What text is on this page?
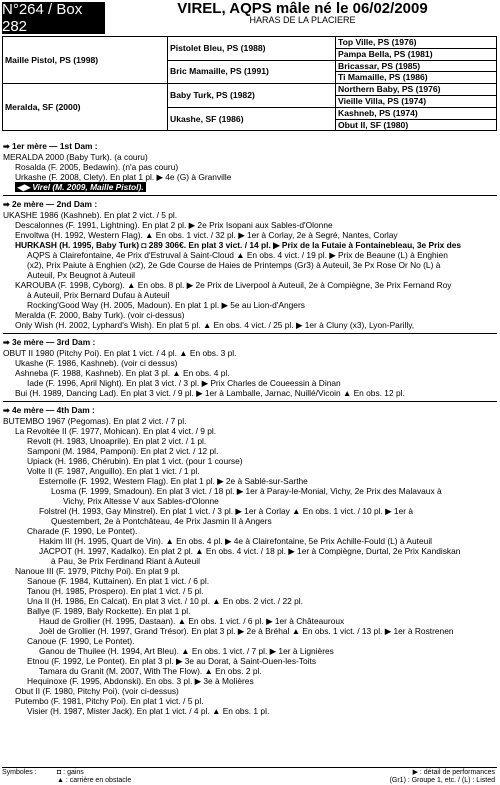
N°264 / Box 282
VIREL, AQPS mâle né le 06/02/2009
HARAS DE LA PLACIERE
Maille Pistol, PS (1998)	Pistolet Bleu, PS (1988)	Top Ville, PS (1976)
		Pampa Bella, PS (1981)
	Bric Mamaille, PS (1991)	Bricassar, PS (1985)
		Ti Mamaille, PS (1986)
Meralda, SF (2000)	Baby Turk, PS (1982)	Northern Baby, PS (1976)
		Vieille Villa, PS (1974)
	Ukashe, SF (1986)	Kashneb, PS (1974)
		Obut II, SF (1980)
➡ 1er mère — 1st Dam :
MERALDA 2000 (Baby Turk). (a couru)
Rosalda (F. 2005, Bedawin). (n'a pas couru)
Urkashe (F. 2008, Clety). En plat 1 pl. ▶ 4e (G) à Granville
◀▶ Virel (M. 2009, Maille Pistol).
➡ 2e mère — 2nd Dam :
UKASHE 1986 (Kashneb). En plat 2 vict. / 5 pl.
Descalonnes (F. 1991, Lightning). En plat 2 pl. ▶ 2e Prix Isopani aux Sables-d'Olonne
Envoltwa (H. 1992, Western Flag). ▲ En obs. 1 vict. / 32 pl. ▶ 1er à Corlay, 2e à Segré, Nantes, Corlay
HURKASH (H. 1995, Baby Turk) ◘ 289 306€. En plat 3 vict. / 14 pl. ▶ Prix de la Futaie à Fontainebleau, 3e Prix des
AQPS à Clairefontaine, 4e Prix d'Estruval à Saint-Cloud ▲ En obs. 4 vict. / 19 pl. ▶ Prix de Beaune (L) à Enghien
(x2), Prix Paiute à Enghien (x2), 2e Gde Course de Haies de Printemps (Gr3) à Auteuil, 3e Px Rose Or No (L) à
Auteuil, Px Beugnot à Auteuil
KAROUBA (F. 1998, Cyborg). ▲ En obs. 8 pl. ▶ 2e Prix de Liverpool à Auteuil, 2e à Compiègne, 3e Prix Fernand Roy
à Auteuil, Prix Bernard Dufau à Auteuil
Rocking'Good Way (H. 2005, Madoun). En plat 1 pl. ▶ 5e au Lion-d'Angers
Meralda (F. 2000, Baby Turk). (voir ci-dessus)
Only Wish (H. 2002, Lyphard's Wish). En plat 5 pl. ▲ En obs. 4 vict. / 25 pl. ▶ 1er à Cluny (x3), Lyon-Parilly,
➡ 3e mère — 3rd Dam :
OBUT II 1980 (Pitchy Poi). En plat 1 vict. / 4 pl. ▲ En obs. 3 pl.
Ukashe (F. 1986, Kashneb). (voir ci dessus)
Ashneba (F. 1988, Kashneb). En plat 3 pl. ▲ En obs. 4 pl.
Iade (F. 1996, April Night). En plat 3 vict. / 3 pl. ▶ Prix Charles de Coueessin à Dinan
Bui (H. 1989, Dancing Lad). En plat 3 vict. / 9 pl. ▶ 1er à Lamballe, Jarnac, Nuillé/Vicoin ▲ En obs. 12 pl.
➡ 4e mère — 4th Dam :
BUTEMBO 1967 (Pegomas). En plat 2 vict. / 7 pl.
La Revoltée II (F. 1977, Mohican). En plat 4 vict. / 9 pl.
Revolt (H. 1983, Unoaprile). En plat 2 vict. / 1 pl.
Samponi (M. 1984, Pamponi). En plat 2 vict. / 12 pl.
Upiack (H. 1986, Chérubin). En plat 1 vict. (pour 1 course)
Volte II (F. 1987, Anguillo). En plat 1 vict. / 1 pl.
Esternolle (F. 1992, Western Flag). En plat 1 pl. ▶ 2e à Sablé-sur-Sarthe
Losma (F. 1999, Smadoun). En plat 3 vict. / 18 pl. ▶ 1er à Paray-le-Monial, Vichy, 2e Prix des Malavaux à
Vichy, Prix Altesse V aux Sables-d'Olonne
Folstrel (H. 1993, Gay Minstrel). En plat 1 vict. / 3 pl. ▶ 1er à Corlay ▲ En obs. 1 vict. / 10 pl. ▶ 1er à
Questembert, 2e à Pontchâteau, 4e Prix Jasmin II à Angers
Charade (F. 1990, Le Pontet).
Hakim III (H. 1995, Quart de Vin). ▲ En obs. 4 pl. ▶ 4e à Clairefontaine, 5e Prix Achille-Fould (L) à Auteuil
JACPOT (H. 1997, Kadalko). En plat 2 pl. ▲ En obs. 4 vict. / 18 pl. ▶ 1er à Compiègne, Durtal, 2e Prix Kandiskan
à Pau, 3e Prix Ferdinand Riant à Auteuil
Nanoue III (F. 1979, Pitchy Poi). En plat 9 pl.
Sanoue (F. 1984, Kuttainen). En plat 1 vict. / 6 pl.
Tanou (H. 1985, Prospero). En plat 1 vict. / 5 pl.
Una II (H. 1986, En Calcat). En plat 3 vict. / 10 pl. ▲ En obs. 2 vict. / 22 pl.
Ballye (F. 1989, Baly Rockette). En plat 1 pl.
Haud de Grollier (H. 1995, Dastaan). ▲ En obs. 1 vict. / 6 pl. ▶ 1er à Châteauroux
Joël de Grollier (H. 1997, Grand Trésor). En plat 3 pl. ▶ 2e à Bréhal ▲ En obs. 1 vict. / 13 pl. ▶ 1er à Rostrenen
Canoue (F. 1990, Le Pontet).
Ganou de Thuilee (H. 1994, Art Bleu). ▲ En obs. 1 vict. / 7 pl. ▶ 1er à Lignières
Etnou (F. 1992, Le Pontet). En plat 3 pl. ▶ 3e au Dorat, à Saint-Ouen-les-Toits
Tamara du Granit (M. 2007, With The Flow). ▲ En obs. 2 pl.
Hequinoxe (F. 1995, Abdonski). En obs. 3 pl. ▶ 3e à Molières
Obut II (F. 1980, Pitchy Poi). (voir ci-dessus)
Putembo (F. 1981, Pitchy Poi). En plat 1 vict. / 5 pl.
Visier (H. 1987, Mister Jack). En plat 1 vict. / 4 pl. ▲ En obs. 1 pl.
Symboles :	◘ : gains
▲ : carrière en obstacle
▶ : détail de performances
(Gr1) : Groupe 1, etc. / (L) : Listed
